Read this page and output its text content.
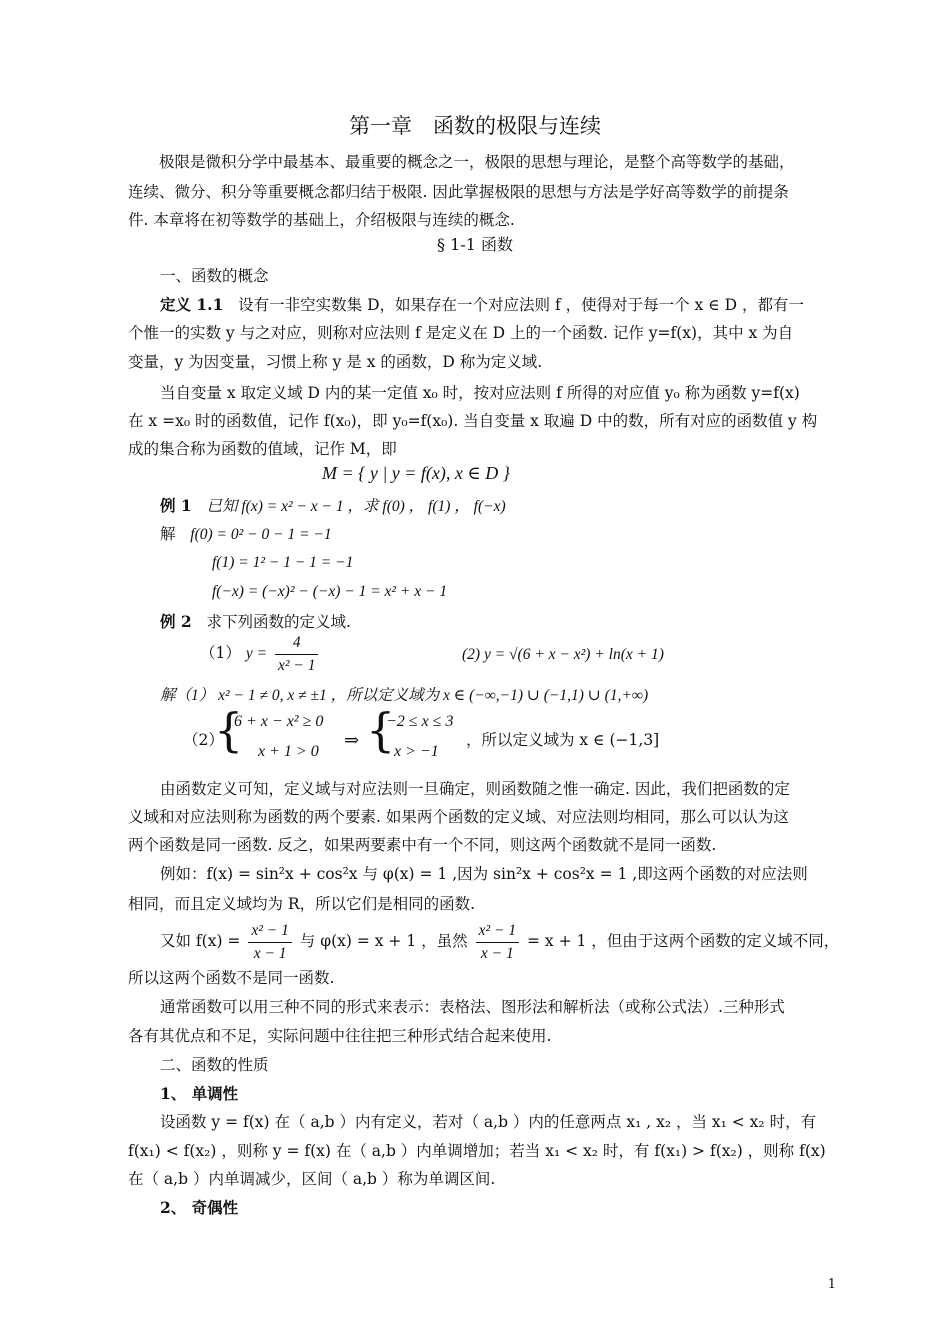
第一章　函数的极限与连续
极限是微积分学中最基本、最重要的概念之一，极限的思想与理论，是整个高等数学的基础，
连续、微分、积分等重要概念都归结于极限. 因此掌握极限的思想与方法是学好高等数学的前提条
件. 本章将在初等数学的基础上，介绍极限与连续的概念.
§ 1-1 函数
一、函数的概念
定义 1.1 设有一非空实数集 D，如果存在一个对应法则 f ，使得对于每一个 x ∈ D ，都有一
个惟一的实数 y 与之对应，则称对应法则 f 是定义在 D 上的一个函数. 记作 y=f(x)，其中 x 为自
变量，y 为因变量，习惯上称 y 是 x 的函数，D 称为定义域.
当自变量 x 取定义域 D 内的某一定值 x₀ 时，按对应法则 f 所得的对应值 y₀ 称为函数 y=f(x)
在 x =x₀ 时的函数值，记作 f(x₀)，即 y₀=f(x₀). 当自变量 x 取遍 D 中的数，所有对应的函数值 y 构
成的集合称为函数的值域，记作 M，即
M = { y | y = f(x), x ∈ D }
例 1 已知 f(x) = x² − x − 1 ，求 f(0) ， f(1) ， f(−x)
解 f(0) = 0² − 0 − 1 = −1
f(1) = 1² − 1 − 1 = −1
f(−x) = (−x)² − (−x) − 1 = x² + x − 1
例 2 求下列函数的定义域.
（1） $y = \frac{4}{\text{x² − 1}}$	(2) y = √(6 + x − x²) + ln(x + 1)
解（1） x² − 1 ≠ 0, x ≠ ±1 ，所以定义域为 x ∈ (−∞,−1) ∪ (−1,1) ∪ (1,+∞)
（2）
{
6 + x − x² ≥ 0
x + 1 > 0
⇒ {
−2 ≤ x ≤ 3
x > −1
，所以定义域为 x ∈ (−1,3]
由函数定义可知，定义域与对应法则一旦确定，则函数随之惟一确定. 因此，我们把函数的定
义域和对应法则称为函数的两个要素. 如果两个函数的定义域、对应法则均相同，那么可以认为这
两个函数是同一函数. 反之，如果两要素中有一个不同，则这两个函数就不是同一函数.
例如：f(x) = sin²x + cos²x 与 φ(x) = 1 ,因为 sin²x + cos²x = 1 ,即这两个函数的对应法则
相同，而且定义域均为 R，所以它们是相同的函数.
又如 $f(x) = \frac{\text{x² − 1}}{x - 1}$ 与 φ(x) = x + 1 ，虽然 $\frac{\text{x² − 1}}{x - 1} = x + 1$ ，但由于这两个函数的定义域不同，
所以这两个函数不是同一函数.
通常函数可以用三种不同的形式来表示：表格法、图形法和解析法（或称公式法）.三种形式
各有其优点和不足，实际问题中往往把三种形式结合起来使用.
二、函数的性质
1、 单调性
设函数 y = f(x) 在（ a,b ）内有定义，若对（ a,b ）内的任意两点 x₁ , x₂ ，当 x₁ < x₂ 时，有
f(x₁) < f(x₂) ，则称 y = f(x) 在（ a,b ）内单调增加；若当 x₁ < x₂ 时，有 f(x₁) > f(x₂) ，则称 f(x)
在（ a,b ）内单调减少，区间（ a,b ）称为单调区间.
2、 奇偶性
1
